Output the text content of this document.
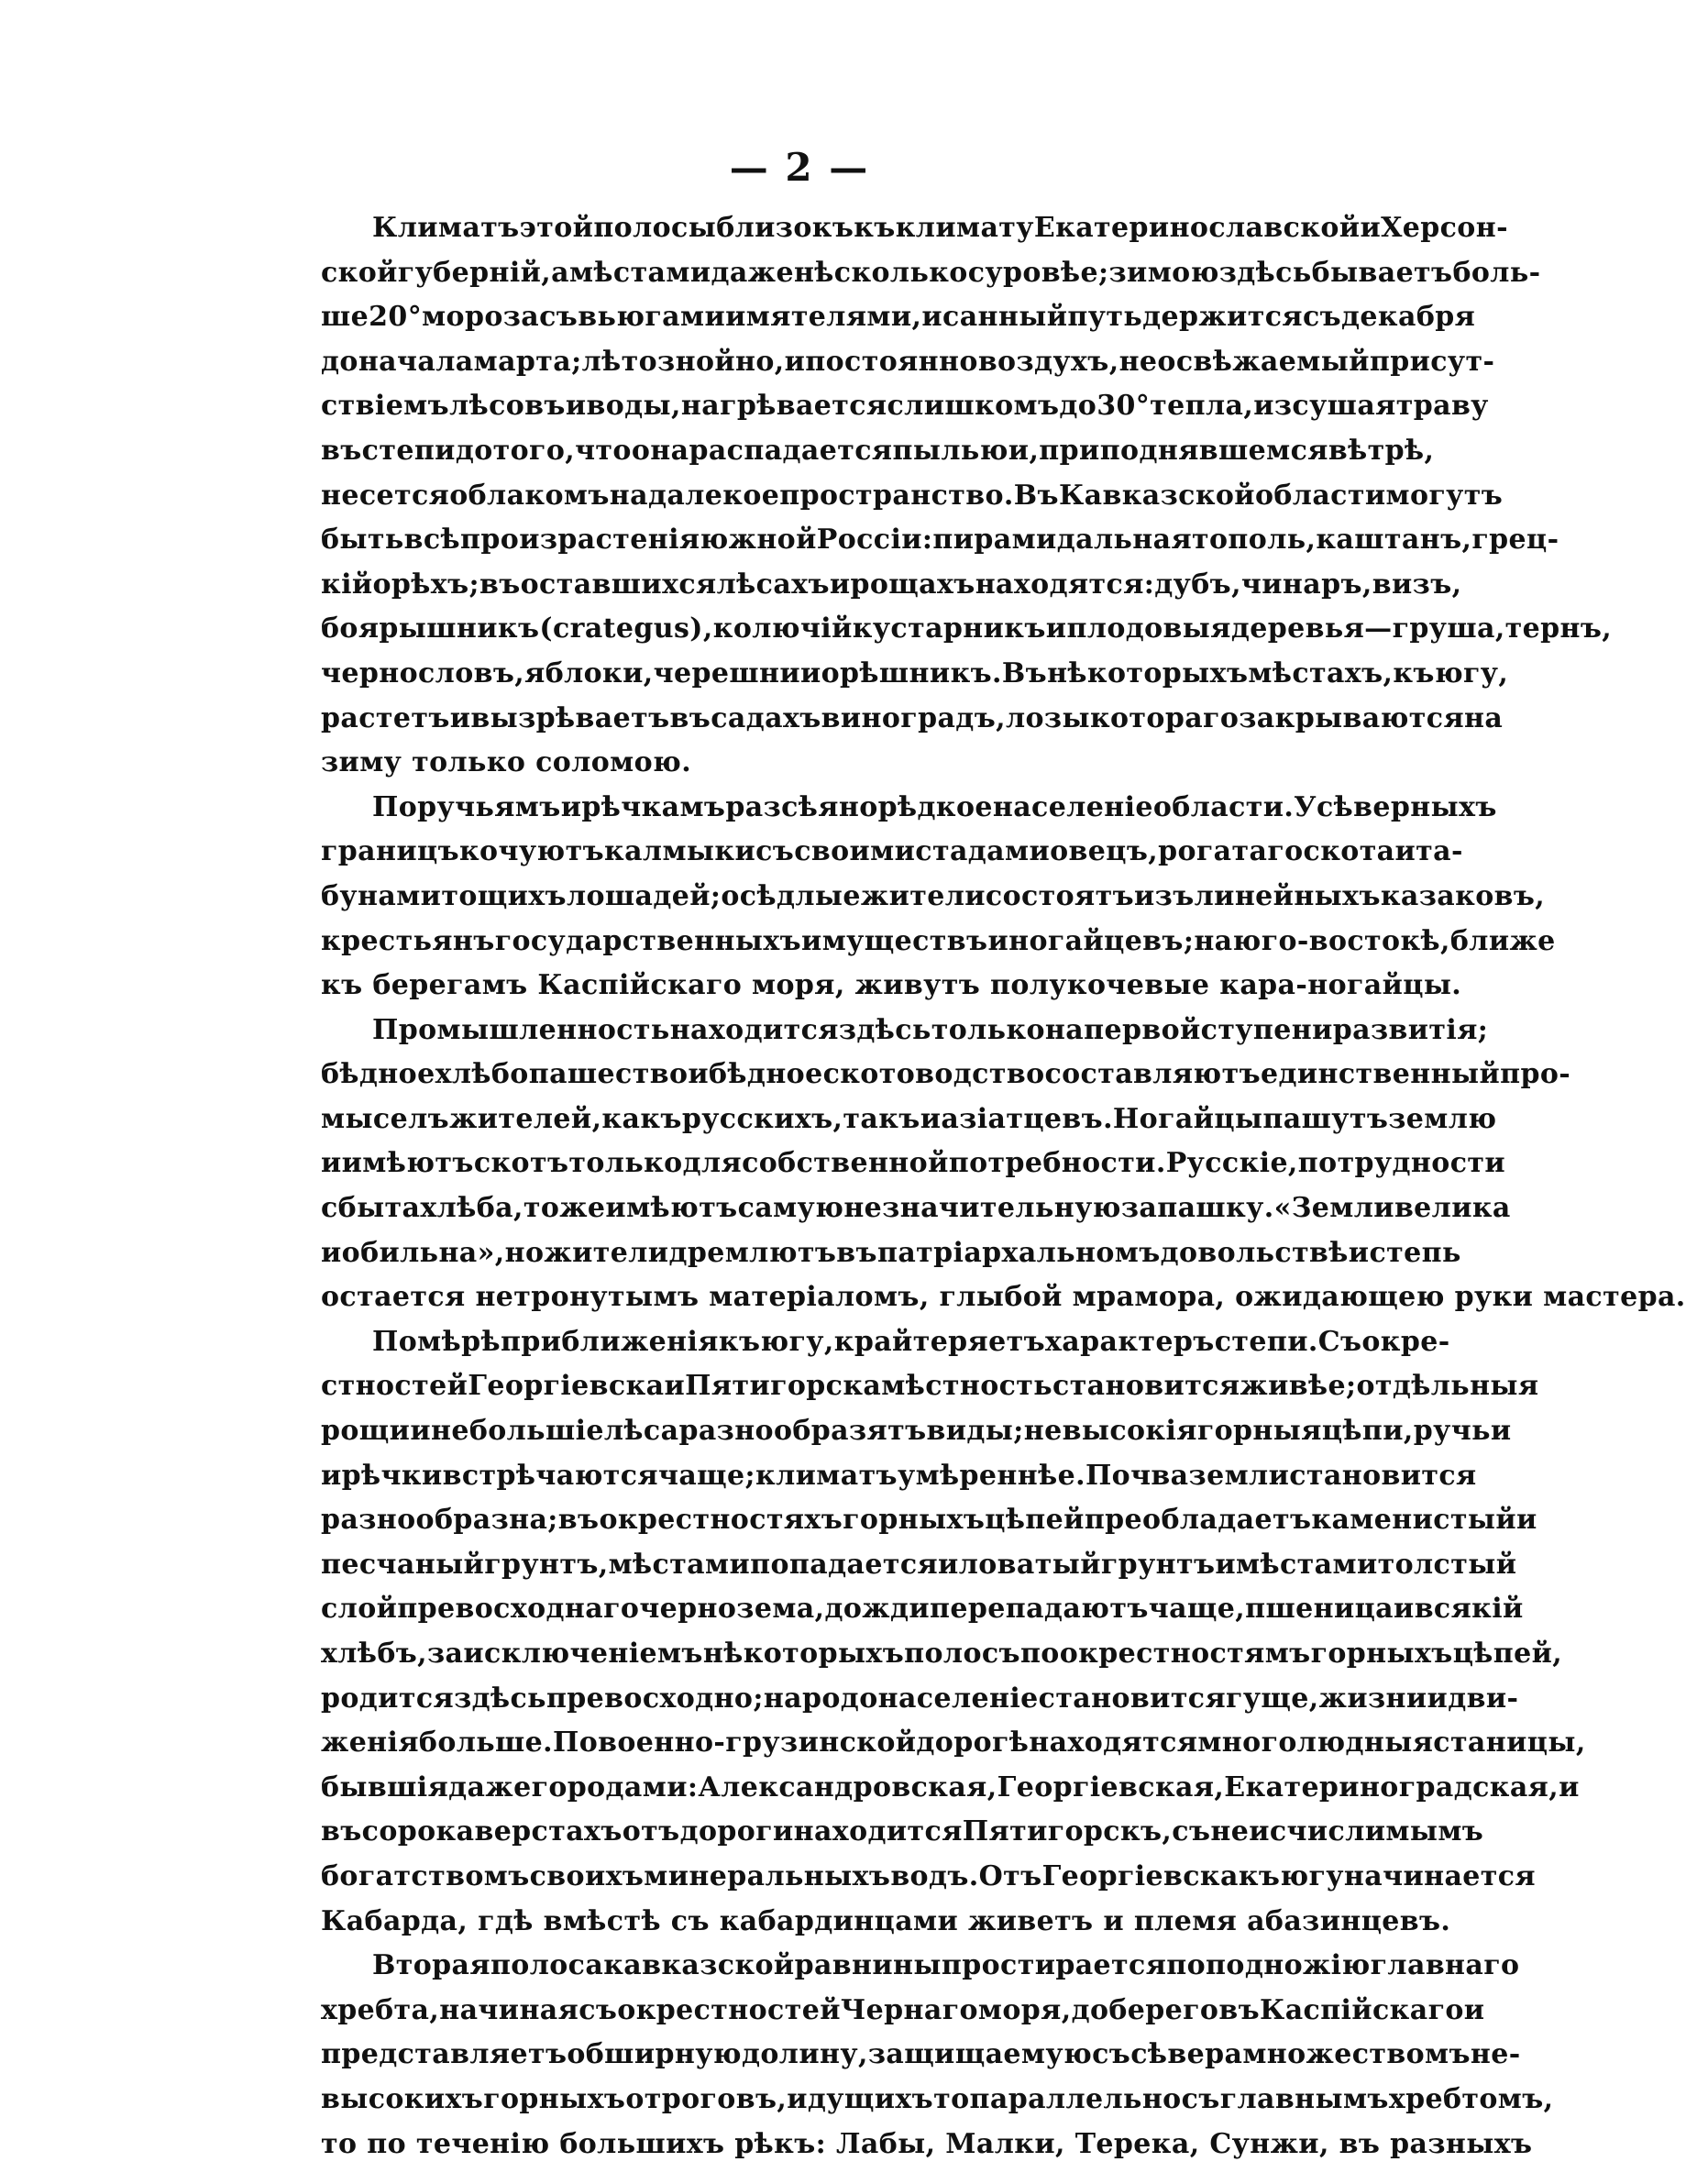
— 2 —
Климатъ этой полосы близокъ къ климату Екатеринославской и Херсон-
ской губерній, а мѣстами даже нѣсколько суровѣе; зимою здѣсь бываетъ боль-
ше 20° мороза съ вьюгами и мятелями, и санный путь держится съ декабря
до начала марта; лѣто знойно, и постоянно воздухъ, не освѣжаемый присут-
ствіемъ лѣсовъ и воды, нагрѣвается слишкомъ до 30° тепла, изсушая траву
въ степи дотого, что она распадается пылью и, при поднявшемся вѣтрѣ,
несется облакомъ на далекое пространство. Въ Кавказской области могутъ
быть всѣ произрастенія южной Россіи: пирамидальная тополь, каштанъ, грец-
кій орѣхъ; въ оставшихся лѣсахъ и рощахъ находятся: дубъ, чинаръ, визъ,
боярышникъ (crategus), колючій кустарникъ и плодовыя деревья — груша, тернъ,
чернословъ, яблоки, черешни и орѣшникъ. Въ нѣкоторыхъ мѣстахъ, къ югу,
растетъ и вызрѣваетъ въ садахъ виноградъ, лозы котораго закрываются на
зиму только соломою.
По ручьямъ и рѣчкамъ разсѣяно рѣдкое населеніе области. У сѣверныхъ
границъ кочуютъ калмыки съ своими стадами овецъ, рогатаго скота и та-
бунами тощихъ лошадей; осѣдлые жители состоятъ изъ линейныхъ казаковъ,
крестьянъ государственныхъ имуществъ и ногайцевъ; на юго-востокѣ, ближе
къ берегамъ Каспійскаго моря, живутъ полукочевые кара-ногайцы.
Промышленность находится здѣсь только на первой ступени развитія;
бѣдное хлѣбопашество и бѣдное скотоводство составляютъ единственный про-
мыселъ жителей, какъ русскихъ, такъ и азіатцевъ. Ногайцы пашутъ землю
и имѣютъ скотъ только для собственной потребности. Русскіе, по трудности
сбыта хлѣба, тоже имѣютъ самую незначительную запашку. «Земли велика
и обильна», но жители дремлютъ въ патріархальномъ довольствѣ и степь
остается нетронутымъ матеріаломъ, глыбой мрамора, ожидающею руки мастера.
По мѣрѣ приближенія къ югу, край теряетъ характеръ степи. Съ окре-
стностей Георгіевска и Пятигорска мѣстность становится живѣе; отдѣльныя
рощи и небольшіе лѣса разнообразятъ виды; невысокія горныя цѣпи, ручьи
и рѣчки встрѣчаются чаще; климатъ умѣреннѣе. Почва земли становится
разнообразна; въ окрестностяхъ горныхъ цѣпей преобладаетъ каменистый и
песчаный грунтъ, мѣстами попадается иловатый грунтъ и мѣстами толстый
слой превосходнаго чернозема, дожди перепадаютъ чаще, пшеница и всякій
хлѣбъ, за исключеніемъ нѣкоторыхъ полосъ по окрестностямъ горныхъ цѣпей,
родится здѣсь превосходно; народонаселеніе становится гуще, жизни и дви-
женія больше. По военно-грузинской дорогѣ находятся многолюдныя станицы,
бывшія даже городами: Александровская, Георгіевская, Екатериноградская, и
въ сорока верстахъ отъ дороги находится Пятигорскъ, съ неисчислимымъ
богатствомъ своихъ минеральныхъ водъ. Отъ Георгіевска къ югу начинается
Кабарда, гдѣ вмѣстѣ съ кабардинцами живетъ и племя абазинцевъ.
Вторая полоса кавказской равнины простирается по подножію главнаго
хребта, начиная съ окрестностей Чернаго моря, до береговъ Каспійскаго и
представляетъ обширную долину, защищаемую съ сѣвера множествомъ не-
высокихъ горныхъ отроговъ, идущихъ то параллельно съ главнымъ хребтомъ,
то по теченію большихъ рѣкъ: Лабы, Малки, Терека, Сунжи, въ разныхъ
